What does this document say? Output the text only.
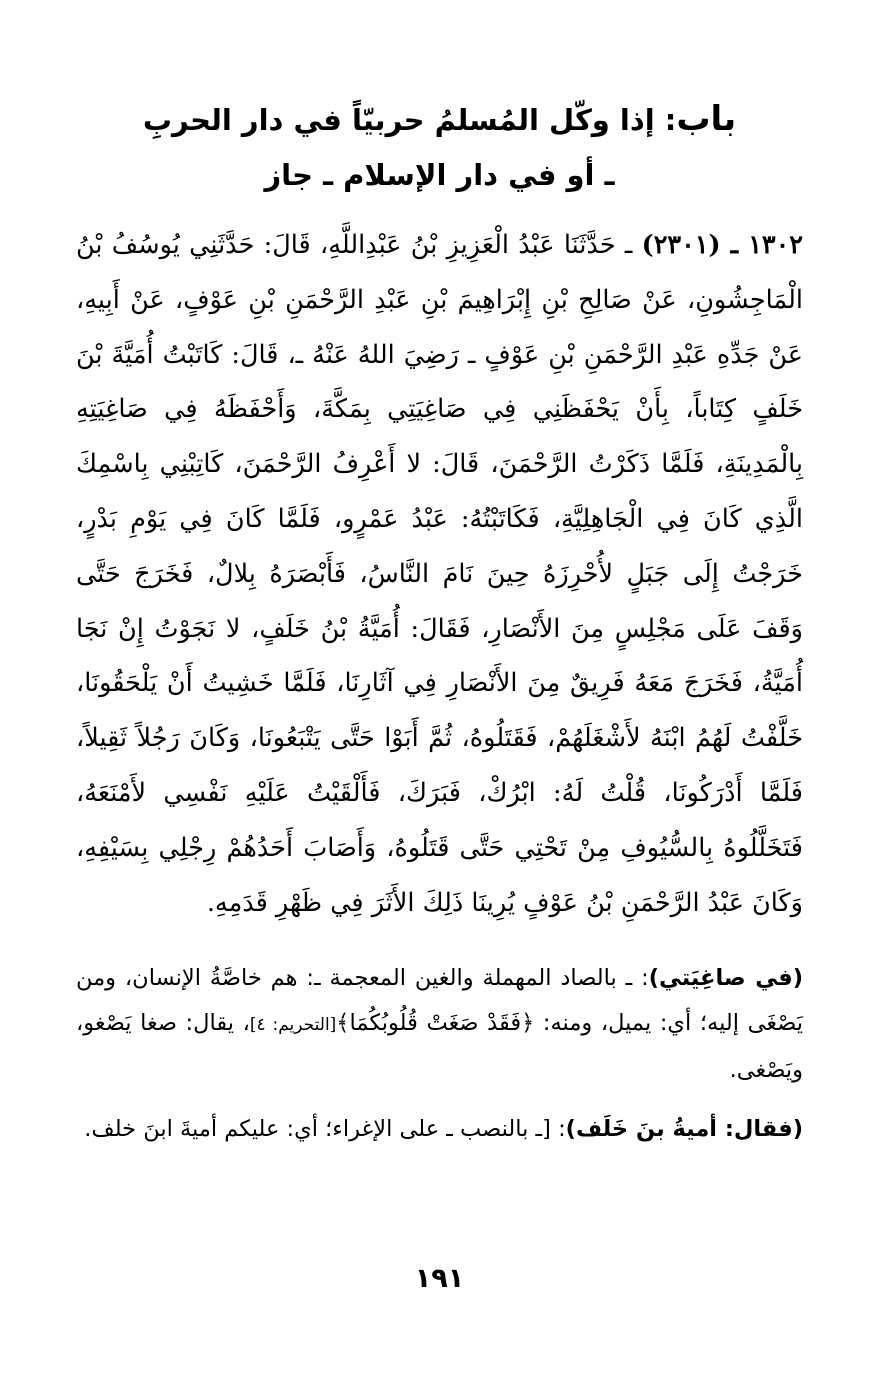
باب: إذا وكّل المُسلمُ حربيّاً في دار الحربِ
ـ أو في دار الإسلام ـ جاز

١٣٠٢ ـ (٢٣٠١) ـ حَدَّثَنَا عَبْدُ الْعَزِيزِ بْنُ عَبْدِاللَّهِ، قَالَ: حَدَّثَنِي يُوسُفُ بْنُ الْمَاجِشُونِ، عَنْ صَالِحِ بْنِ إِبْرَاهِيمَ بْنِ عَبْدِ الرَّحْمَنِ بْنِ عَوْفٍ، عَنْ أَبِيهِ، عَنْ جَدِّهِ عَبْدِ الرَّحْمَنِ بْنِ عَوْفٍ ـ رَضِيَ اللهُ عَنْهُ ـ، قَالَ: كَاتَبْتُ أُمَيَّةَ بْنَ خَلَفٍ كِتَاباً، بِأَنْ يَحْفَظَنِي فِي صَاغِيَتِي بِمَكَّةَ، وَأَحْفَظَهُ فِي صَاغِيَتِهِ بِالْمَدِينَةِ، فَلَمَّا ذَكَرْتُ الرَّحْمَنَ، قَالَ: لا أَعْرِفُ الرَّحْمَنَ، كَاتِبْنِي بِاسْمِكَ الَّذِي كَانَ فِي الْجَاهِلِيَّةِ، فَكَاتَبْتُهُ: عَبْدُ عَمْرٍو، فَلَمَّا كَانَ فِي يَوْمِ بَدْرٍ، خَرَجْتُ إِلَى جَبَلٍ لأُحْرِزَهُ حِينَ نَامَ النَّاسُ، فَأَبْصَرَهُ بِلالٌ، فَخَرَجَ حَتَّى وَقَفَ عَلَى مَجْلِسٍ مِنَ الأَنْصَارِ، فَقَالَ: أُمَيَّةُ بْنُ خَلَفٍ، لا نَجَوْتُ إِنْ نَجَا أُمَيَّةُ، فَخَرَجَ مَعَهُ فَرِيقٌ مِنَ الأَنْصَارِ فِي آثَارِنَا، فَلَمَّا خَشِيتُ أَنْ يَلْحَقُونَا، خَلَّفْتُ لَهُمُ ابْنَهُ لأَشْغَلَهُمْ، فَقَتَلُوهُ، ثُمَّ أَبَوْا حَتَّى يَتْبَعُونَا، وَكَانَ رَجُلاً ثَقِيلاً، فَلَمَّا أَدْرَكُونَا، قُلْتُ لَهُ: ابْرُكْ، فَبَرَكَ، فَأَلْقَيْتُ عَلَيْهِ نَفْسِي لأَمْنَعَهُ، فَتَخَلَّلُوهُ بِالسُّيُوفِ مِنْ تَحْتِي حَتَّى قَتَلُوهُ، وَأَصَابَ أَحَدُهُمْ رِجْلِي بِسَيْفِهِ، وَكَانَ عَبْدُ الرَّحْمَنِ بْنُ عَوْفٍ يُرِينَا ذَلِكَ الأَثَرَ فِي ظَهْرِ قَدَمِهِ.

(في صاغِيَتي): ـ بالصاد المهملة والغين المعجمة ـ: هم خاصَّةُ الإنسان، ومن يَصْغَى إليه؛ أي: يميل، ومنه: ﴿فَقَدْ صَغَتْ قُلُوبُكُمَا﴾[التحريم: ٤]، يقال: صغا يَصْغو، ويَصْغى.

(فقال: أميةُ بنَ خَلَف): [ـ بالنصب ـ على الإغراء؛ أي: عليكم أميةَ ابنَ خلف.

١٩١
